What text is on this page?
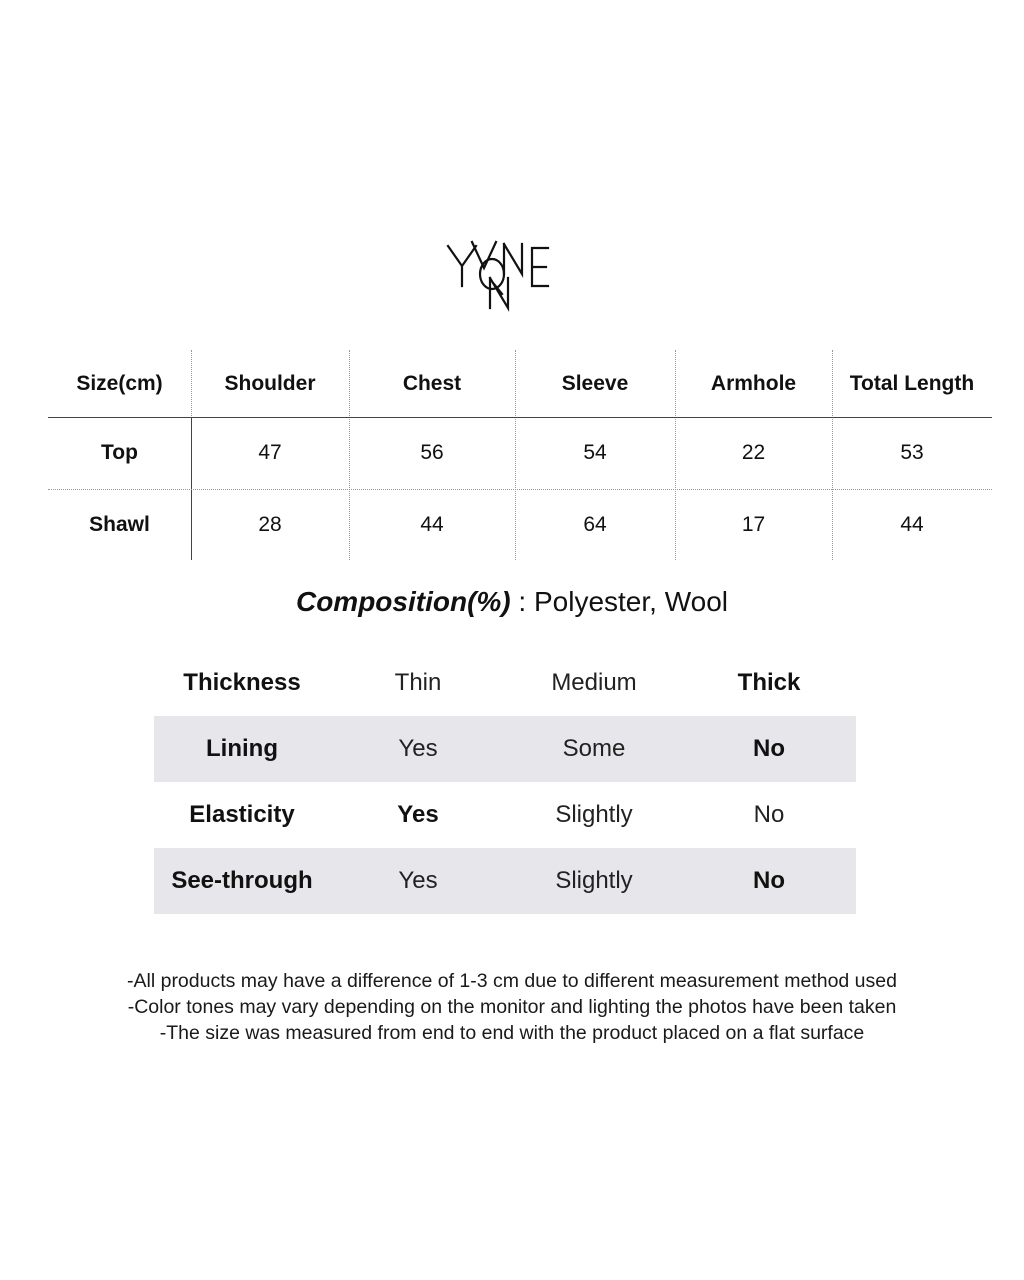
Size(cm)	Shoulder	Chest	Sleeve	Armhole	Total Length
Top	47	56	54	22	53
Shawl	28	44	64	17	44
Composition(%) : Polyester, Wool
Thickness	Thin	Medium	Thick
Lining	Yes	Some	No
Elasticity	Yes	Slightly	No
See-through	Yes	Slightly	No
-All products may have a difference of 1-3 cm due to different measurement method used
-Color tones may vary depending on the monitor and lighting the photos have been taken
-The size was measured from end to end with the product placed on a flat surface
